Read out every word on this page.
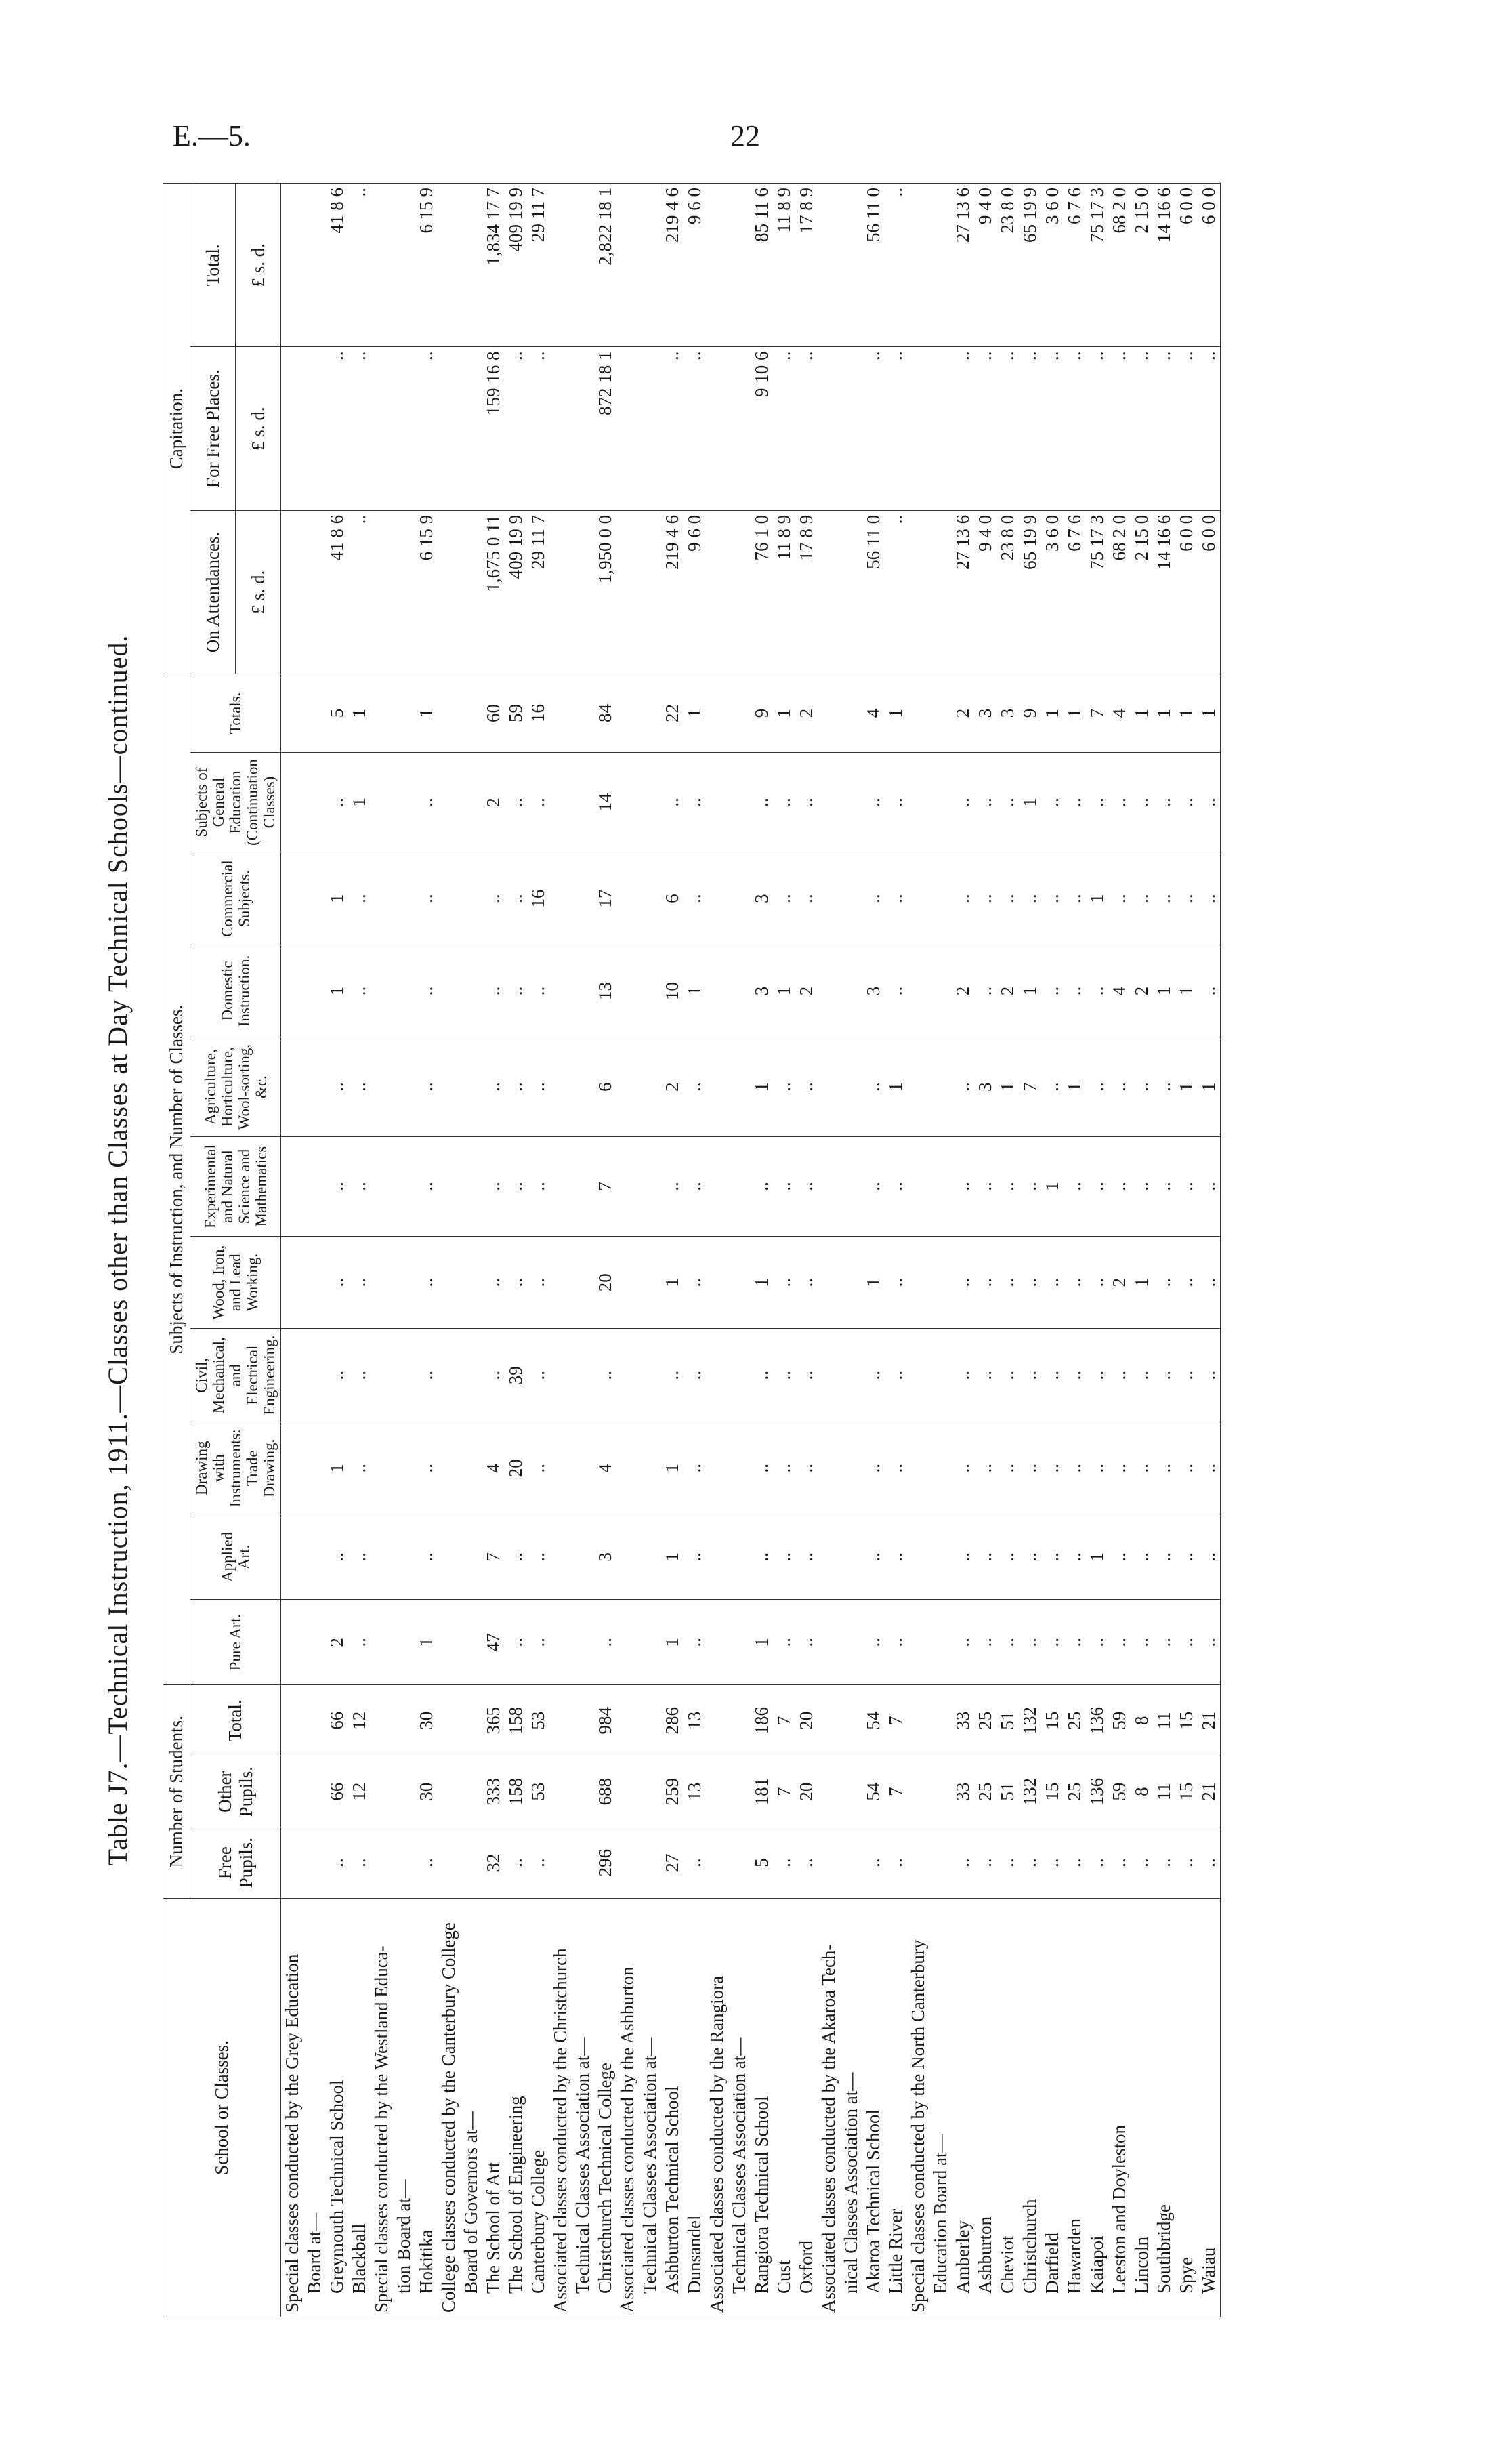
E.—5.	22
Table J7.—Technical Instruction, 1911.—Classes other than Classes at Day Technical Schools—continued.
School or Classes.	Number of Students.			Subjects of Instruction, and Number of Classes.											Capitation.		
	Free Pupils.	Other Pupils.	Total.	Pure Art.	Applied Art.	Drawing with Instruments: Trade Drawing.	Civil, Mechanical, and Electrical Engineering.	Wood, Iron, and Lead Working.	Experimental and Natural Science and Mathematics	Agriculture, Horticulture, Wool-sorting, &c.	Domestic Instruction.	Commercial Subjects.	Subjects of General Education (Continuation Classes)	Totals.	On Attendances.	For Free Places.	Total.
															£ s. d.	£ s. d.	£ s. d.
Special classes conducted by the Grey Education																	
Board at—																	
Greymouth Technical School	..	66	66	2	..	1	..	..	..	..	1	1	..	5	41 8 6	..	41 8 6
Blackball	..	12	12	..	..	..	..	..	..	..	..	..	1	1	..	..	..
Special classes conducted by the Westland Educa-																	
tion Board at—																	
Hokitika	..	30	30	1	..	..	..	..	..	..	..	..	..	1	6 15 9	..	6 15 9
College classes conducted by the Canterbury College																	
Board of Governors at—																	
The School of Art	32	333	365	47	7	4	..	..	..	..	..	..	2	60	1,675 0 11	159 16 8	1,834 17 7
The School of Engineering	..	158	158	..	..	20	39	..	..	..	..	..	..	59	409 19 9	..	409 19 9
Canterbury College	..	53	53	..	..	..	..	..	..	..	..	16	..	16	29 11 7	..	29 11 7
Associated classes conducted by the Christchurch																	
Technical Classes Association at—																	
Christchurch Technical College	296	688	984	..	3	4	..	20	7	6	13	17	14	84	1,950 0 0	872 18 1	2,822 18 1
Associated classes conducted by the Ashburton																	
Technical Classes Association at—																	
Ashburton Technical School	27	259	286	1	1	1	..	1	..	2	10	6	..	22	219 4 6	..	219 4 6
Dunsandel	..	13	13	..	..	..	..	..	..	..	1	..	..	1	9 6 0	..	9 6 0
Associated classes conducted by the Rangiora																	
Technical Classes Association at—																	
Rangiora Technical School	5	181	186	1	..	..	..	1	..	1	3	3	..	9	76 1 0	9 10 6	85 11 6
Cust	..	7	7	..	..	..	..	..	..	..	1	..	..	1	11 8 9	..	11 8 9
Oxford	..	20	20	..	..	..	..	..	..	..	2	..	..	2	17 8 9	..	17 8 9
Associated classes conducted by the Akaroa Tech-																	
nical Classes Association at—																	
Akaroa Technical School	..	54	54	..	..	..	..	1	..	..	3	..	..	4	56 11 0	..	56 11 0
Little River	..	7	7	..	..	..	..	..	..	1	..	..	..	1	..	..	..
Special classes conducted by the North Canterbury																	
Education Board at—																	
Amberley	..	33	33	..	..	..	..	..	..	..	2	..	..	2	27 13 6	..	27 13 6
Ashburton	..	25	25	..	..	..	..	..	..	3	..	..	..	3	9 4 0	..	9 4 0
Cheviot	..	51	51	..	..	..	..	..	..	1	2	..	..	3	23 8 0	..	23 8 0
Christchurch	..	132	132	..	..	..	..	..	..	7	1	..	1	9	65 19 9	..	65 19 9
Darfield	..	15	15	..	..	..	..	..	1	..	..	..	..	1	3 6 0	..	3 6 0
Hawarden	..	25	25	..	..	..	..	..	..	1	..	..	..	1	6 7 6	..	6 7 6
Kaiapoi	..	136	136	..	1	..	..	..	..	..	..	1	..	7	75 17 3	..	75 17 3
Leeston and Doyleston	..	59	59	..	..	..	..	2	..	..	4	..	..	4	68 2 0	..	68 2 0
Lincoln	..	8	8	..	..	..	..	1	..	..	2	..	..	1	2 15 0	..	2 15 0
Southbridge	..	11	11	..	..	..	..	..	..	..	1	..	..	1	14 16 6	..	14 16 6
Spye	..	15	15	..	..	..	..	..	..	1	1	..	..	1	6 0 0	..	6 0 0
Waiau	..	21	21	..	..	..	..	..	..	1	..	..	..	1	6 0 0	..	6 0 0
